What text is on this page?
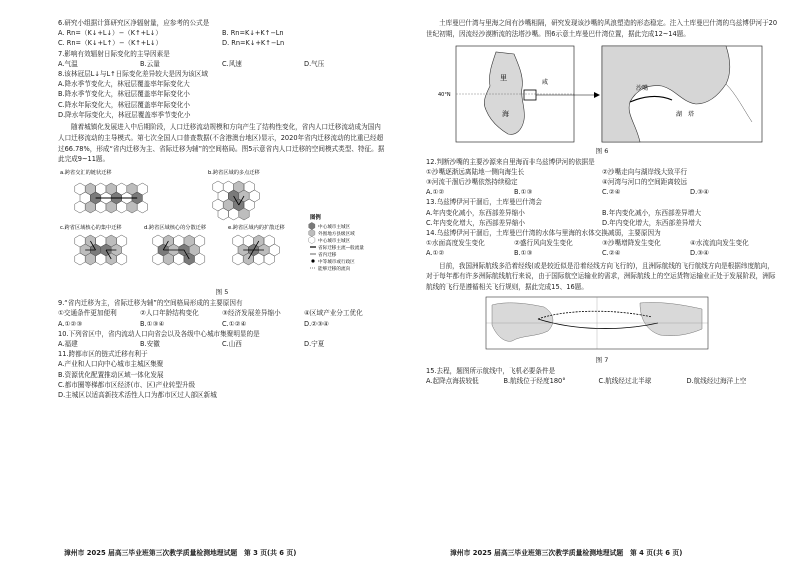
6.研究小组据计算研究区净辐射量，应参考的公式是
A. Rn=（K↓+L↓）−（K↑+L↓）	B. Rn=K↓+K↑−Ln
C. Rn=（K↓+L↑）−（K↑+L↓）	D. Rn=K↓+K↑−Ln
7.影响有效辐射日际变化的主导因素是
A.气温	B.云量	C.风速	D.气压
8.该林冠层L↓与L↑日际变化差异较大是因为该区域
A.降水季节变化大，林冠层覆盖率年际变化大
B.降水季节变化大，林冠层覆盖率年际变化小
C.降水年际变化大，林冠层覆盖率年际变化小
D.降水年际变化大，林冠层覆盖率季节变化小
随着城镇化发展进入中后期阶段，人口迁移流动规模和方向产生了结构性变化，省内人口迁移流动成为国内人口迁移流动的主导模式。第七次全国人口普查数据(不含港澳台地区)显示，2020年省内迁移流动的比重已经超过66.78%，形成“省内迁移为主、省际迁移为辅”的空间格局。图5示意省内人口迁移的空间模式类型、特征。据此完成9~11题。
a.跨省交汇的链状迁移	b.跨省区域的多点迁移
c.跨省区域核心的集中迁移	d.跨省区域核心的分散迁移	e.跨省区域内的扩散迁移
图例
中心城市主城区
外围地方县级区域
中心城市主城区
省际迁移主流—般流量
省内迁移
中等城市或行政区
能够迁移的流向
图 5
9.“省内迁移为主，省际迁移为辅”的空间格局形成的主要原因有
①交通条件更加便利	②人口年龄结构变化	③经济发展差异缩小	④区域产业分工优化
A.①②③	B.①③④	C.①②④	D.②③④
10.下列省区中，省内流动人口向省会以及各级中心城市集聚明显的是
A.福建	B.安徽	C.山西	D.宁夏
11.跨都市区的链式迁移有利于
A.产业和人口向中心城市主城区集聚
B.资源优化配置推动区域一体化发展
C.都市圈等梯都市区经济(市、区)产业转型升级
D.主城区以适高新技术活性人口为都市区过人部区新城
漳州市 2025 届高三毕业班第三次教学质量检测地理试题　第 3 页(共 6 页)
土库曼巴什湾与里海之间有沙嘴相隔，研究发现该沙嘴的风浪塑造的形态稳定。注入土库曼巴什湾的乌兹博伊河于20世纪初期，因流经沙漠断流的法塔沙嘴。图6示意土库曼巴什湾位置，据此完成12~14题。
40°N
里
海
咸
沙嘴
湖 塔
图 6
12.判断沙嘴的主要沙源来自里海而非乌兹博伊河的依据是
①沙嘴逐渐远离陆地一侧向海生长	②沙嘴走向与湖岸线大致平行
③河流干涸后沙嘴依然持续稳定	④河湾与河口的空间距离较远
A.①②	B.①③	C.②④	D.③④
13.乌兹博伊河干涸后，土库曼巴什湾会
A.年内变化减小，东西部差异缩小	B.年内变化减小，东西部差异增大
C.年内变化增大，东西部差异缩小	D.年内变化增大，东西部差异增大
14.乌兹博伊河干涸后，土库曼巴什湾的水体与里海的水体交换减弱，主要原因为
①水面高度发生变化	②盛行风向发生变化	③沙嘴增降发生变化	④水流流向发生变化
A.①②	B.①③	C.②④	D.③④
目前，我国洲际航线多沿着经线(或是较近似是沿着经线方向飞行的)，且洲际航线的飞行航线方向是根据纬度航向，对于每年都有许多洲际航线航行来说，由于国际航空运输业的需求，洲际航线上的空运货物运输业正处于发展阶段，洲际航线的飞行是遵循相关飞行规则，据此完成15、16题。
图 7
15.去程，题图所示航线中，飞机必要条件是
A.起降点海拔较低	B.航线位于经度180°	C.航线经过北半球	D.航线经过海洋上空
漳州市 2025 届高三毕业班第三次教学质量检测地理试题　第 4 页(共 6 页)
